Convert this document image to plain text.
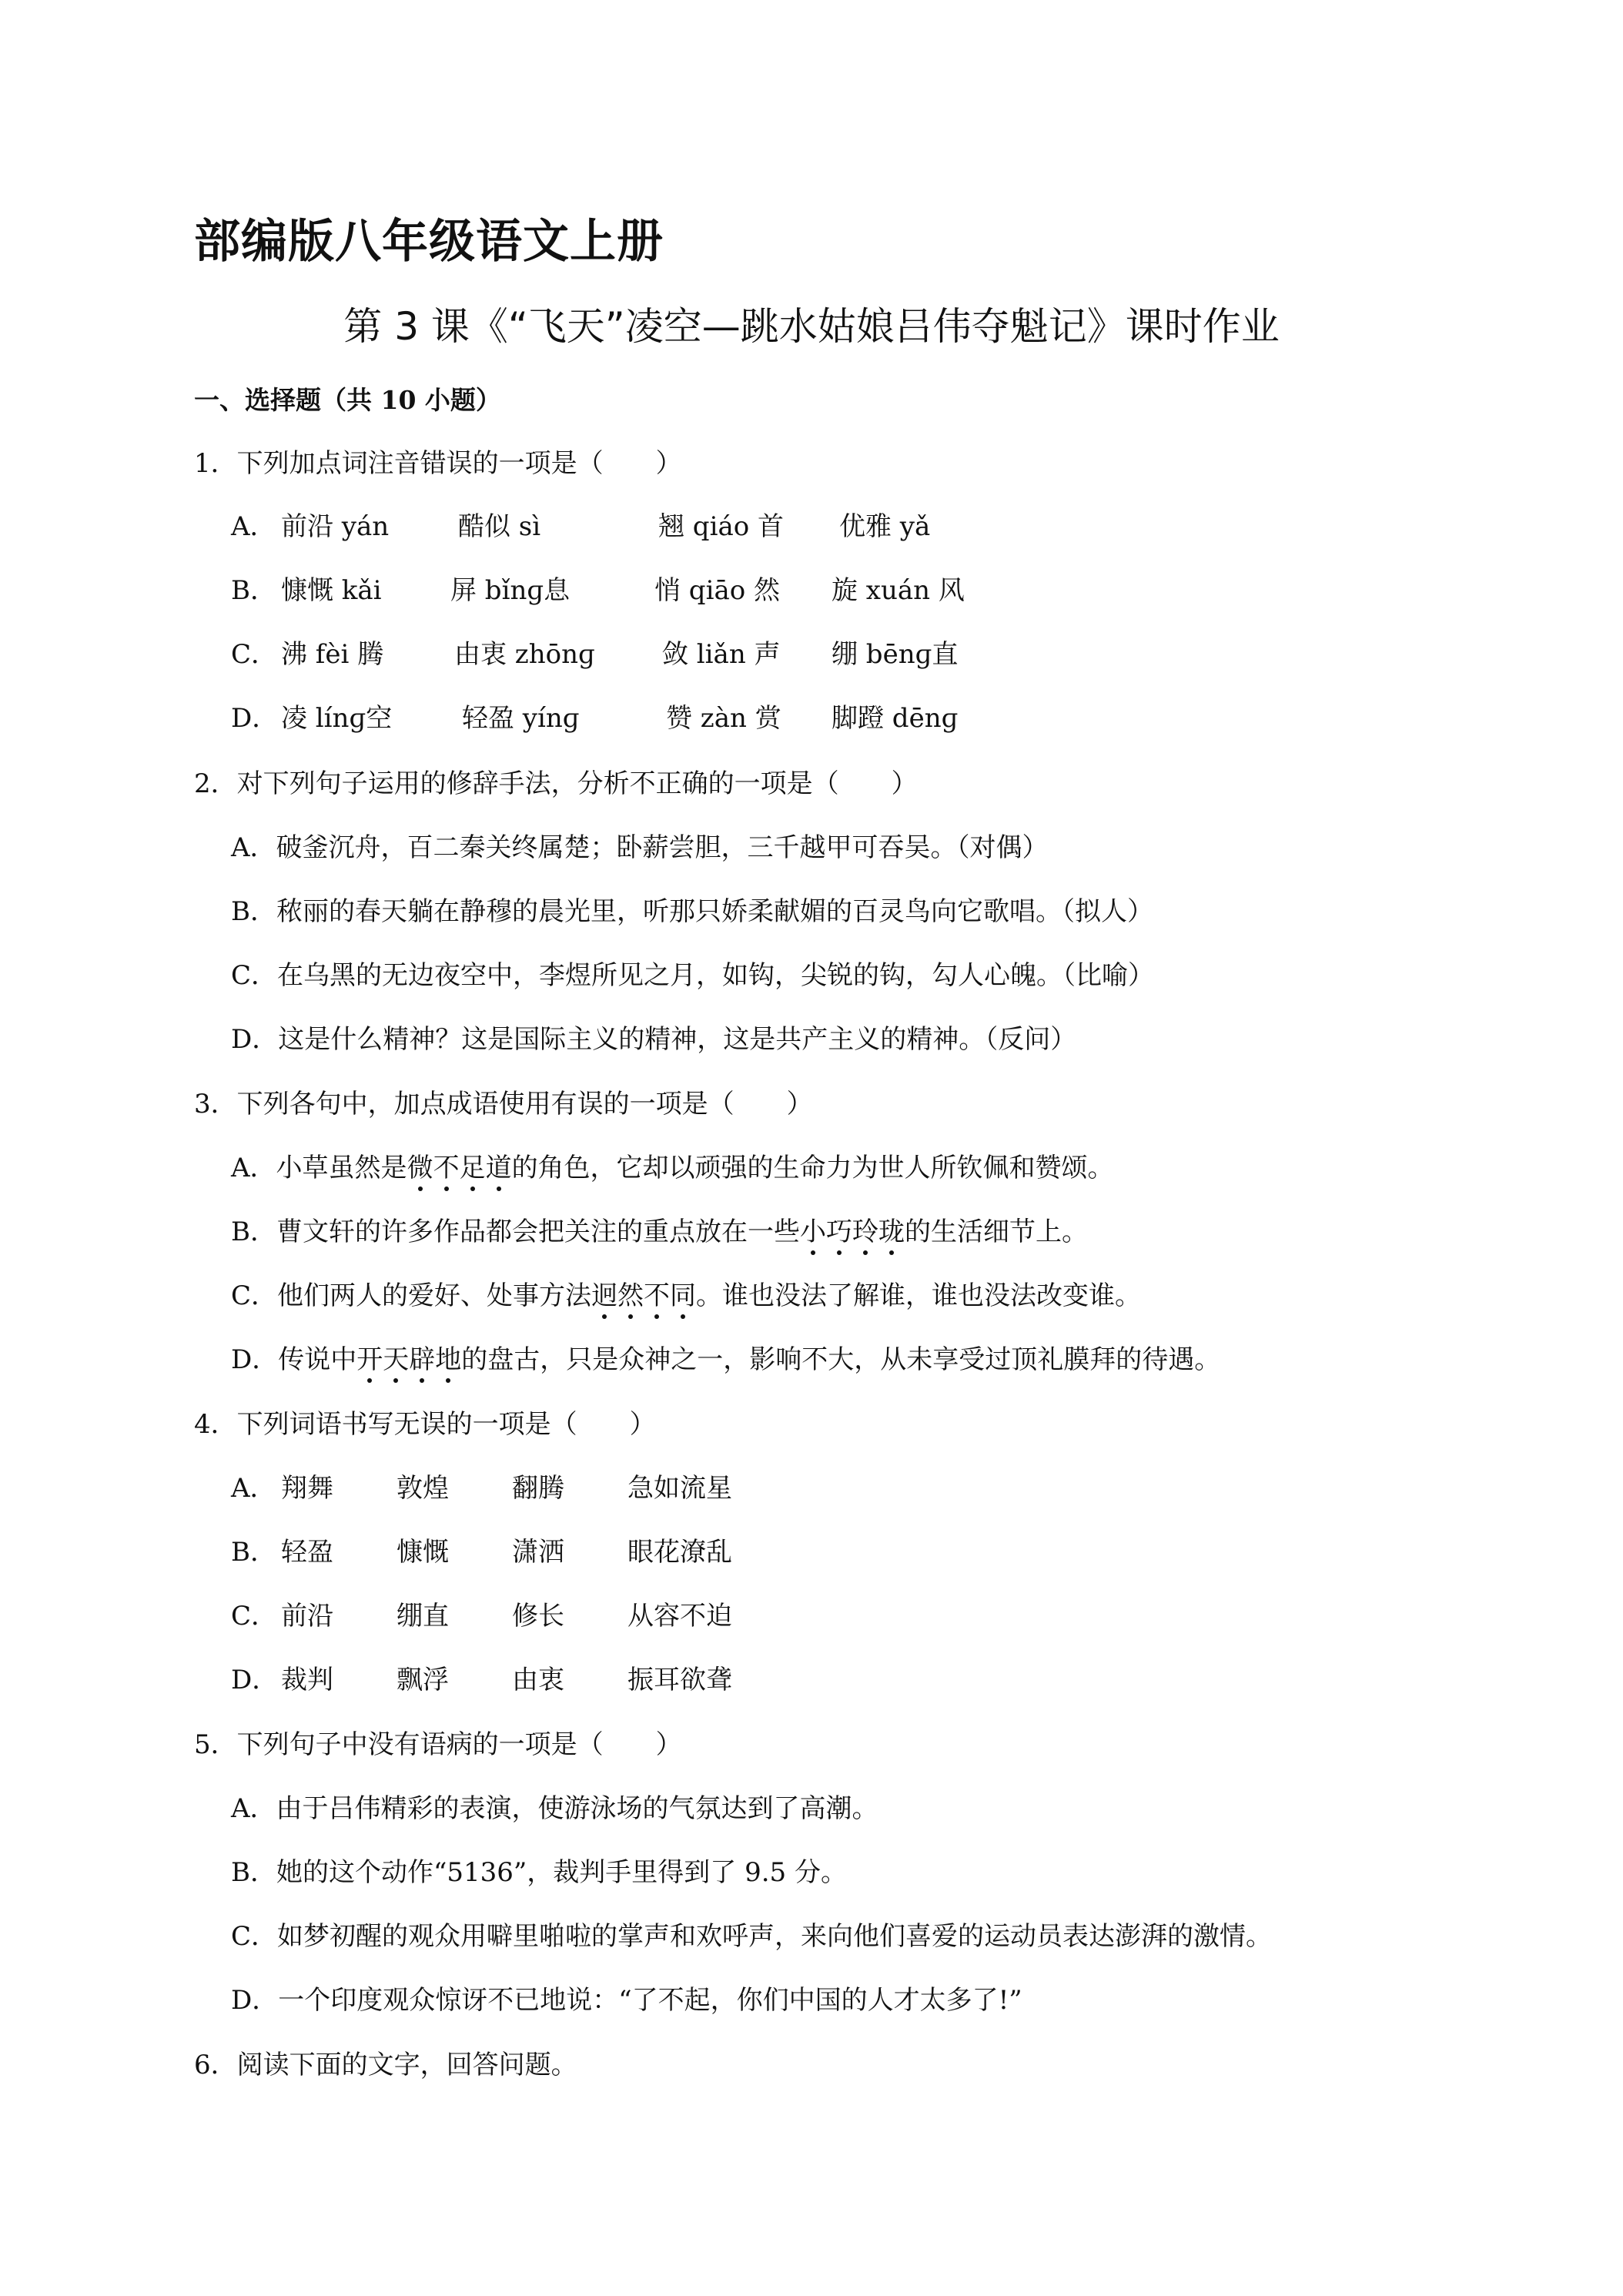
部编版八年级语文上册
第 3 课《“飞天”凌空—跳水姑娘吕伟夺魁记》课时作业
一、选择题（共 10 小题）
1．下列加点词注音错误的一项是（　　）
A． 前沿 yán	酷似 sì	翘 qiáo 首 优雅 yǎ
B． 慷慨 kǎi	屏 bǐnɡ息	悄 qiāo 然 旋 xuán 风
C． 沸 fèi 腾	由衷 zhōnɡ	敛 liǎn 声 绷 bēnɡ直
D． 凌 línɡ空	轻盈 yínɡ	赞 zàn 赏 脚蹬 dēnɡ
2．对下列句子运用的修辞手法，分析不正确的一项是（　　）
A．破釜沉舟，百二秦关终属楚；卧薪尝胆，三千越甲可吞吴。（对偶）
B．秾丽的春天躺在静穆的晨光里，听那只娇柔献媚的百灵鸟向它歌唱。（拟人）
C．在乌黑的无边夜空中，李煜所见之月，如钩，尖锐的钩，勾人心魄。（比喻）
D．这是什么精神？这是国际主义的精神，这是共产主义的精神。（反问）
3．下列各句中，加点成语使用有误的一项是（　　）
A．小草虽然是微不足道的角色，它却以顽强的生命力为世人所钦佩和赞颂。
B．曹文轩的许多作品都会把关注的重点放在一些小巧玲珑的生活细节上。
C．他们两人的爱好、处事方法迥然不同。谁也没法了解谁，谁也没法改变谁。
D．传说中开天辟地的盘古，只是众神之一，影响不大，从未享受过顶礼膜拜的待遇。
4．下列词语书写无误的一项是（　　）
A． 翔舞 敦煌 翻腾 急如流星
B． 轻盈 慷慨 潇洒 眼花潦乱
C． 前沿 绷直 修长 从容不迫
D． 裁判 飘浮 由衷 振耳欲聋
5．下列句子中没有语病的一项是（　　）
A．由于吕伟精彩的表演，使游泳场的气氛达到了高潮。
B．她的这个动作“5136”，裁判手里得到了 9.5 分。
C．如梦初醒的观众用噼里啪啦的掌声和欢呼声，来向他们喜爱的运动员表达澎湃的激情。
D．一个印度观众惊讶不已地说：“了不起，你们中国的人才太多了!”
6．阅读下面的文字，回答问题。
